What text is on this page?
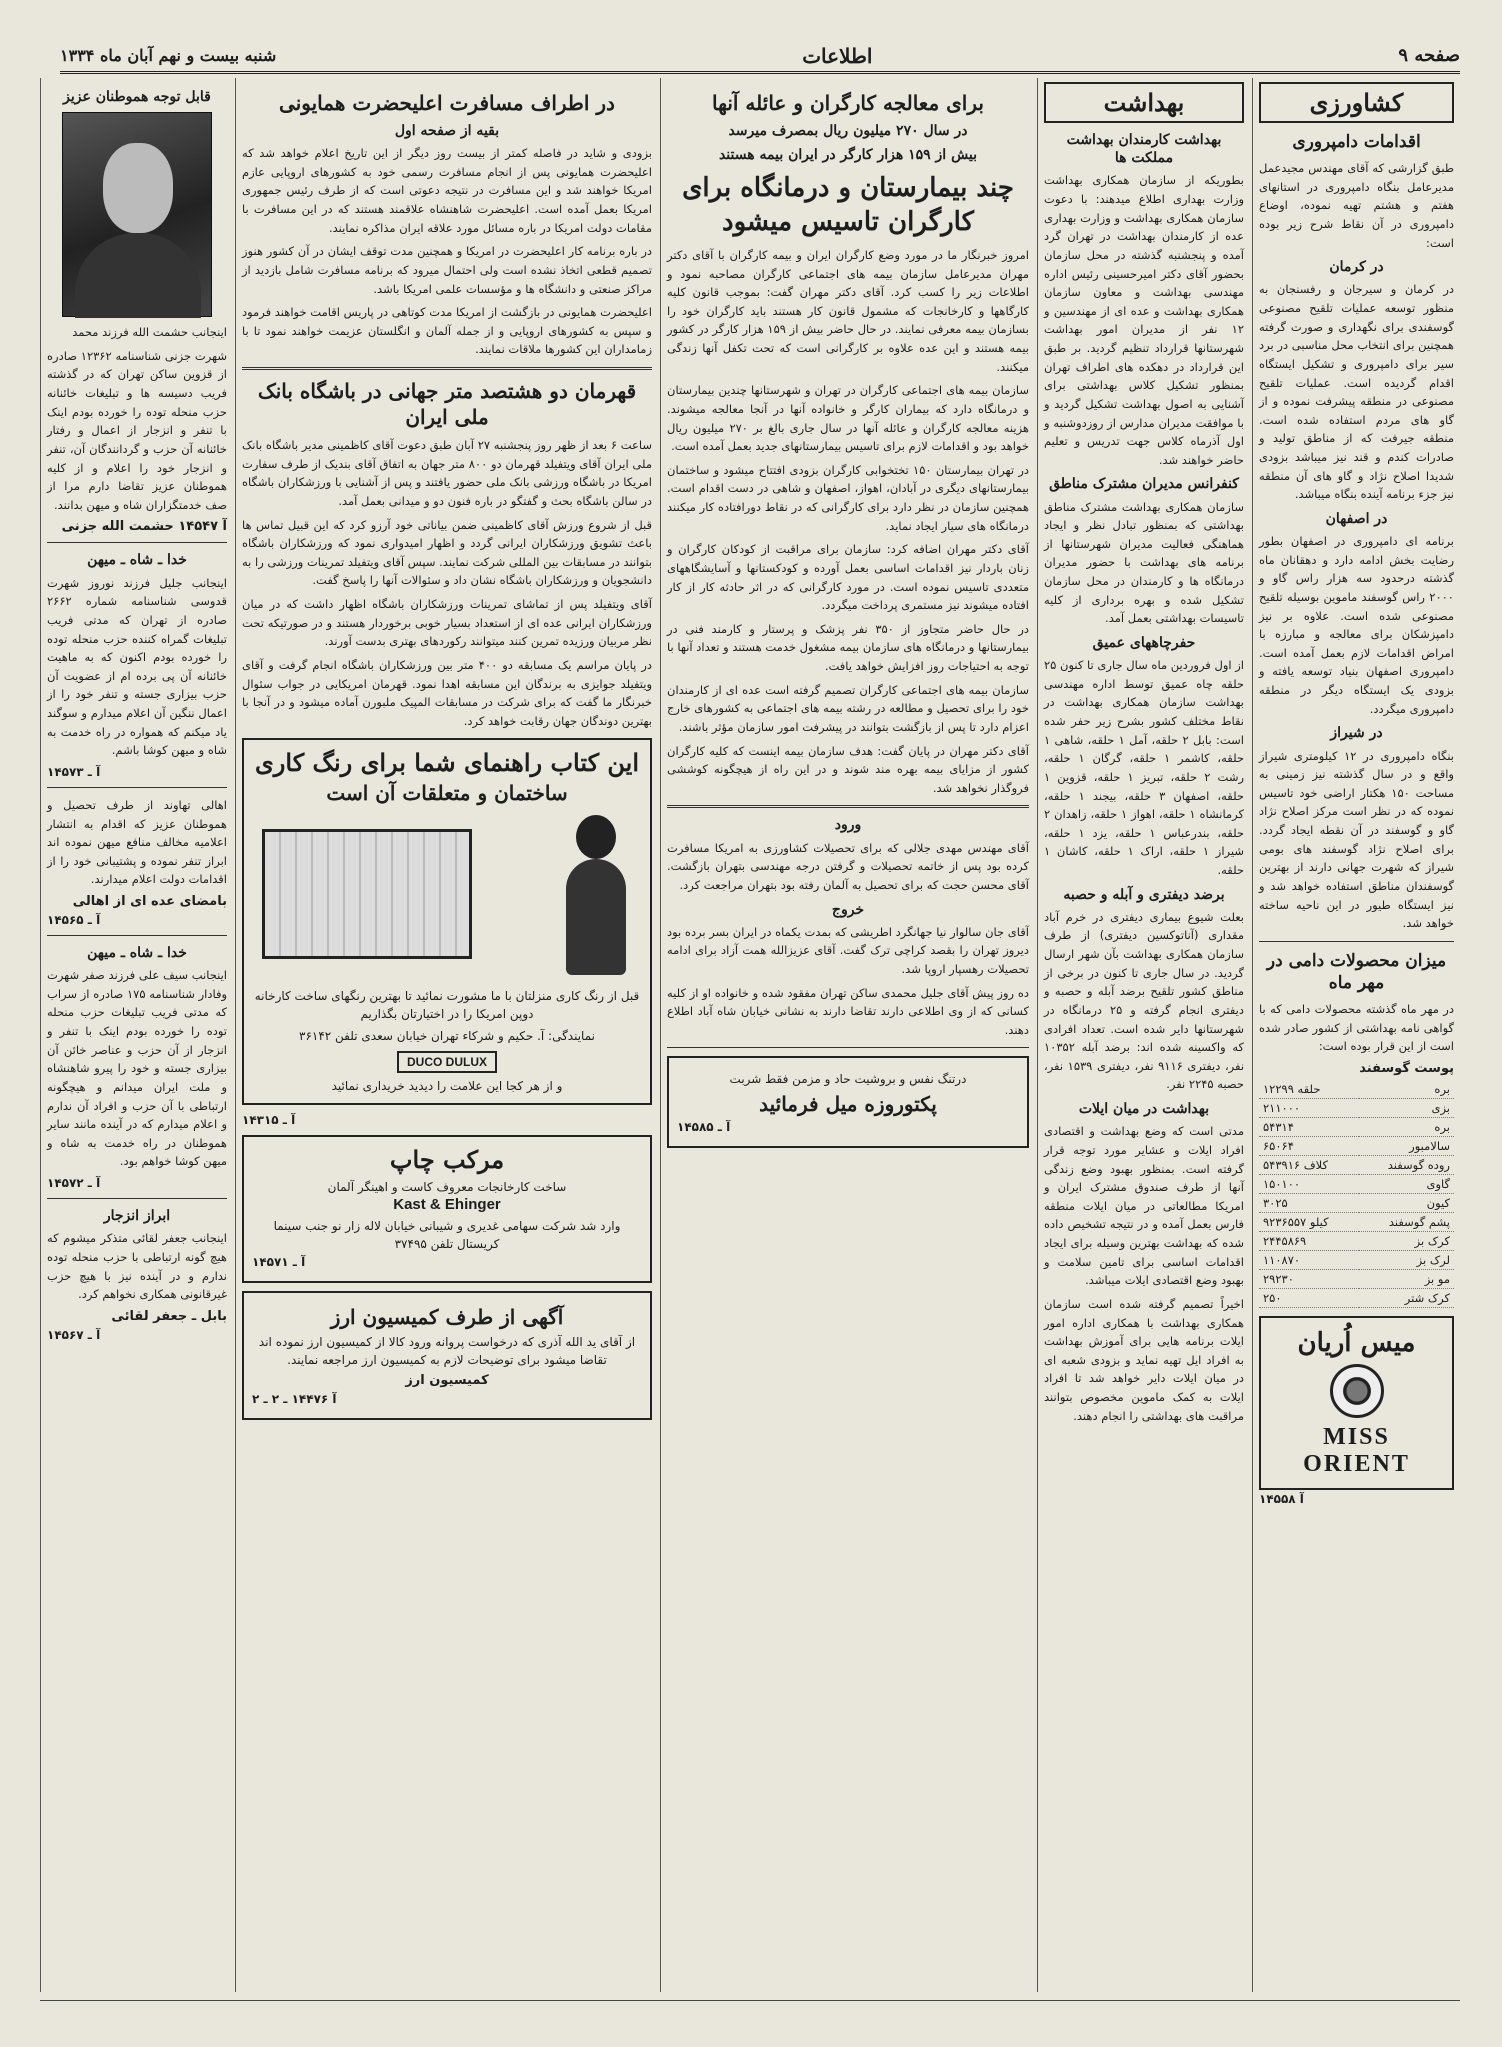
صفحه ۹
اطلاعات
شنبه بیست و نهم آبان ماه ۱۳۳۴
کشاورزی
اقدامات دامپروری

طبق گزارشی که آقای مهندس مجیدعمل مدیرعامل بنگاه دامپروری در استانهای هفتم و هشتم تهیه نموده، اوضاع دامپروری در آن نقاط شرح زیر بوده است:

در کرمان

در کرمان و سیرجان و رفسنجان به منظور توسعه عملیات تلقیح مصنوعی گوسفندی برای نگهداری و صورت گرفته همچنین برای انتخاب محل مناسبی در برد سیر برای دامپروری و تشکیل ایستگاه اقدام گردیده است. عملیات تلقیح مصنوعی در منطقه پیشرفت نموده و از گاو های مردم استفاده شده است. منطقه جیرفت که از مناطق تولید و صادرات کندم و قند نیز میباشد بزودی شدیدا اصلاح نژاد و گاو های آن منطقه نیز جزء برنامه آینده بنگاه میباشد.

در اصفهان

برنامه ای دامپروری در اصفهان بطور رضایت بخش ادامه دارد و دهقانان ماه گذشته درحدود سه هزار راس گاو و ۲۰۰۰ راس گوسفند ماموین بوسیله تلقیح مصنوعی شده است. علاوه بر نیز دامپزشکان برای معالجه و مبارزه با امراض اقدامات لازم بعمل آمده است. دامپروری اصفهان بنیاد توسعه یافته و بزودی یک ایستگاه دیگر در منطقه دامپروری میگردد.

در شیراز

بنگاه دامپروری در ۱۲ کیلومتری شیراز واقع و در سال گذشته نیز زمینی به مساحت ۱۵۰ هکتار اراضی خود تاسیس نموده که در نظر است مرکز اصلاح نژاد گاو و گوسفند در آن نقطه ایجاد گردد. برای اصلاح نژاد گوسفند های بومی شیراز که شهرت جهانی دارند از بهترین گوسفندان مناطق استفاده خواهد شد و نیز ایستگاه طیور در این ناحیه ساخته خواهد شد.

میزان محصولات دامی در مهر ماه

در مهر ماه گذشته محصولات دامی که با گواهی نامه بهداشتی از کشور صادر شده است از این قرار بوده است:

پوست گوسفند
بره	۱۲۲۹۹ حلقه
بزی	۲۱۱۰۰۰
بره	۵۴۳۱۴
سالامبور	۶۵۰۶۴
روده گوسفند	۵۴۳۹۱۶ کلاف
گاوی	۱۵۰۱۰۰
کیون	۳۰۲۵
پشم گوسفند	۹۲۳۶۵۵۷ کیلو
کرک بز	۲۴۴۵۸۶۹
لرک بز	۱۱۰۸۷۰
مو بز	۲۹۲۳۰
کرک شتر	۲۵۰
میس اُریان
MISS ORIENT
آ ۱۴۵۵۸
بهداشت
بهداشت کارمندان بهداشت مملکت ها

بطوریکه از سازمان همکاری بهداشت وزارت بهداری اطلاع میدهند: با دعوت سازمان همکاری بهداشت و وزارت بهداری عده از کارمندان بهداشت در تهران گرد آمده و پنجشنبه گذشته در محل سازمان بحضور آقای دکتر امیرحسینی رئیس اداره مهندسی بهداشت و معاون سازمان همکاری بهداشت و عده ای از مهندسین و ۱۲ نفر از مدیران امور بهداشت شهرستانها قرارداد تنظیم گردید. بر طبق این قرارداد در دهکده های اطراف تهران بمنظور تشکیل کلاس بهداشتی برای آشنایی به اصول بهداشت تشکیل گردید و با موافقت مدیران مدارس از روزدوشنبه و اول آذرماه کلاس جهت تدریس و تعلیم حاضر خواهند شد.

کنفرانس مدیران مشترک مناطق

سازمان همکاری بهداشت مشترک مناطق بهداشتی که بمنظور تبادل نظر و ایجاد هماهنگی فعالیت مدیران شهرستانها از برنامه های بهداشت با حضور مدیران درمانگاه ها و کارمندان در محل سازمان تشکیل شده و بهره برداری از کلیه تاسیسات بهداشتی بعمل آمد.

حفرچاههای عمیق

از اول فروردین ماه سال جاری تا کنون ۲۵ حلقه چاه عمیق توسط اداره مهندسی بهداشت سازمان همکاری بهداشت در نقاط مختلف کشور بشرح زیر حفر شده است: بابل ۲ حلقه، آمل ۱ حلقه، شاهی ۱ حلقه، کاشمر ۱ حلقه، گرگان ۱ حلقه، رشت ۲ حلقه، تبریز ۱ حلقه، قزوین ۱ حلقه، اصفهان ۳ حلقه، بیجند ۱ حلقه، کرمانشاه ۱ حلقه، اهواز ۱ حلقه، زاهدان ۲ حلقه، بندرعباس ۱ حلقه، یزد ۱ حلقه، شیراز ۱ حلقه، اراک ۱ حلقه، کاشان ۱ حلقه.

برضد دیفتری و آبله و حصبه

بعلت شیوع بیماری دیفتری در خرم آباد مقداری (آناتوکسین دیفتری) از طرف سازمان همکاری بهداشت بآن شهر ارسال گردید. در سال جاری تا کنون در برخی از مناطق کشور تلقیح برضد آبله و حصبه و دیفتری انجام گرفته و ۲۵ درمانگاه در شهرستانها دایر شده است. تعداد افرادی که واکسینه شده اند: برضد آبله ۱۰۳۵۲ نفر، دیفتری ۹۱۱۶ نفر، دیفتری ۱۵۳۹ نفر، حصبه ۲۲۴۵ نفر.

بهداشت در میان ایلات

مدتی است که وضع بهداشت و اقتصادی افراد ایلات و عشایر مورد توجه قرار گرفته است. بمنظور بهبود وضع زندگی آنها از طرف صندوق مشترک ایران و امریکا مطالعاتی در میان ایلات منطقه فارس بعمل آمده و در نتیجه تشخیص داده شده که بهداشت بهترین وسیله برای ایجاد اقدامات اساسی برای تامین سلامت و بهبود وضع اقتصادی ایلات میباشد.

اخیراً تصمیم گرفته شده است سازمان همکاری بهداشت با همکاری اداره امور ایلات برنامه هایی برای آموزش بهداشت به افراد ایل تهیه نماید و بزودی شعبه ای در میان ایلات دایر خواهد شد تا افراد ایلات به کمک ماموین مخصوص بتوانند مراقبت های بهداشتی را انجام دهند.

برای معالجه کارگران و عائله آنها
در سال ۲۷۰ میلیون ریال بمصرف میرسد
بیش از ۱۵۹ هزار کارگر در ایران بیمه هستند
چند بیمارستان و درمانگاه برای کارگران تاسیس میشود

امروز خبرنگار ما در مورد وضع کارگران ایران و بیمه کارگران با آقای دکتر مهران مدیرعامل سازمان بیمه های اجتماعی کارگران مصاحبه نمود و اطلاعات زیر را کسب کرد. آقای دکتر مهران گفت: بموجب قانون کلیه کارگاهها و کارخانجات که مشمول قانون کار هستند باید کارگران خود را بسازمان بیمه معرفی نمایند. در حال حاضر بیش از ۱۵۹ هزار کارگر در کشور بیمه هستند و این عده علاوه بر کارگرانی است که تحت تکفل آنها زندگی میکنند.

سازمان بیمه های اجتماعی کارگران در تهران و شهرستانها چندین بیمارستان و درمانگاه دارد که بیماران کارگر و خانواده آنها در آنجا معالجه میشوند. هزینه معالجه کارگران و عائله آنها در سال جاری بالغ بر ۲۷۰ میلیون ریال خواهد بود و اقدامات لازم برای تاسیس بیمارستانهای جدید بعمل آمده است.

در تهران بیمارستان ۱۵۰ تختخوابی کارگران بزودی افتتاح میشود و ساختمان بیمارستانهای دیگری در آبادان، اهواز، اصفهان و شاهی در دست اقدام است. همچنین سازمان در نظر دارد برای کارگرانی که در نقاط دورافتاده کار میکنند درمانگاه های سیار ایجاد نماید.

آقای دکتر مهران اضافه کرد: سازمان برای مراقبت از کودکان کارگران و زنان باردار نیز اقدامات اساسی بعمل آورده و کودکستانها و آسایشگاههای متعددی تاسیس نموده است. در مورد کارگرانی که در اثر حادثه کار از کار افتاده میشوند نیز مستمری پرداخت میگردد.

در حال حاضر متجاوز از ۳۵۰ نفر پزشک و پرستار و کارمند فنی در بیمارستانها و درمانگاه های سازمان بیمه مشغول خدمت هستند و تعداد آنها با توجه به احتیاجات روز افزایش خواهد یافت.

سازمان بیمه های اجتماعی کارگران تصمیم گرفته است عده ای از کارمندان خود را برای تحصیل و مطالعه در رشته بیمه های اجتماعی به کشورهای خارج اعزام دارد تا پس از بازگشت بتوانند در پیشرفت امور سازمان مؤثر باشند.

آقای دکتر مهران در پایان گفت: هدف سازمان بیمه اینست که کلیه کارگران کشور از مزایای بیمه بهره مند شوند و در این راه از هیچگونه کوششی فروگذار نخواهد شد.

ورود

آقای مهندس مهدی جلالی که برای تحصیلات کشاورزی به امریکا مسافرت کرده بود پس از خاتمه تحصیلات و گرفتن درجه مهندسی بتهران بازگشت. آقای محسن حجت که برای تحصیل به آلمان رفته بود بتهران مراجعت کرد.

خروج

آقای جان سالوار نیا جهانگرد اطریشی که بمدت یکماه در ایران بسر برده بود دیروز تهران را بقصد کراچی ترک گفت. آقای عزیزالله همت آزاد برای ادامه تحصیلات رهسپار اروپا شد.

ده روز پیش آقای جلیل محمدی ساکن تهران مفقود شده و خانواده او از کلیه کسانی که از وی اطلاعی دارند تقاضا دارند به نشانی خیابان شاه آباد اطلاع دهند.

درتنگ نفس و بروشیت حاد و مزمن فقط شربت
پکتوروزه میل فرمائید
آ ـ ۱۴۵۸۵
در اطراف مسافرت اعلیحضرت همایونی
بقیه از صفحه اول

بزودی و شاید در فاصله کمتر از بیست روز دیگر از این تاریخ اعلام خواهد شد که اعلیحضرت همایونی پس از انجام مسافرت رسمی خود به کشورهای اروپایی عازم امریکا خواهند شد و این مسافرت در نتیجه دعوتی است که از طرف رئیس جمهوری امریکا بعمل آمده است. اعلیحضرت شاهنشاه علاقمند هستند که در این مسافرت با مقامات دولت امریکا در باره مسائل مورد علاقه ایران مذاکره نمایند.

در باره برنامه کار اعلیحضرت در امریکا و همچنین مدت توقف ایشان در آن کشور هنوز تصمیم قطعی اتخاذ نشده است ولی احتمال میرود که برنامه مسافرت شامل بازدید از مراکز صنعتی و دانشگاه ها و مؤسسات علمی امریکا باشد.

اعلیحضرت همایونی در بازگشت از امریکا مدت کوتاهی در پاریس اقامت خواهند فرمود و سپس به کشورهای اروپایی و از جمله آلمان و انگلستان عزیمت خواهند نمود تا با زمامداران این کشورها ملاقات نمایند.

قهرمان دو هشتصد متر جهانی در باشگاه بانک ملی ایران

ساعت ۶ بعد از ظهر روز پنجشنبه ۲۷ آبان طبق دعوت آقای کاظمینی مدیر باشگاه بانک ملی ایران آقای ویتفیلد قهرمان دو ۸۰۰ متر جهان به اتفاق آقای بندیک از طرف سفارت امریکا در باشگاه ورزشی بانک ملی حضور یافتند و پس از آشنایی با ورزشکاران باشگاه در سالن باشگاه بحث و گفتگو در باره فنون دو و میدانی بعمل آمد.

قبل از شروع ورزش آقای کاظمینی ضمن بیاناتی خود آرزو کرد که این قبیل تماس ها باعث تشویق ورزشکاران ایرانی گردد و اظهار امیدواری نمود که ورزشکاران باشگاه بتوانند در مسابقات بین المللی شرکت نمایند. سپس آقای ویتفیلد تمرینات ورزشی را به دانشجویان و ورزشکاران باشگاه نشان داد و سئوالات آنها را پاسخ گفت.

آقای ویتفیلد پس از تماشای تمرینات ورزشکاران باشگاه اظهار داشت که در میان ورزشکاران ایرانی عده ای از استعداد بسیار خوبی برخوردار هستند و در صورتیکه تحت نظر مربیان ورزیده تمرین کنند میتوانند رکوردهای بهتری بدست آورند.

در پایان مراسم یک مسابقه دو ۴۰۰ متر بین ورزشکاران باشگاه انجام گرفت و آقای ویتفیلد جوایزی به برندگان این مسابقه اهدا نمود. قهرمان امریکایی در جواب سئوال خبرنگار ما گفت که برای شرکت در مسابقات المپیک ملبورن آماده میشود و در آنجا با بهترین دوندگان جهان رقابت خواهد کرد.

این کتاب راهنمای شما برای رنگ کاری
ساختمان و متعلقات آن است
قبل از رنگ کاری منزلتان با ما مشورت نمائید تا بهترین رنگهای ساخت کارخانه دوپن امریکا را در اختیارتان بگذاریم
نمایندگی: آ. حکیم و شرکاء تهران خیابان سعدی تلفن ۳۶۱۴۲
DUCO DULUX
و از هر کجا این علامت را دیدید خریداری نمائید
آ ـ ۱۴۳۱۵
مرکب چاپ
ساخت کارخانجات معروف کاست و اهینگر آلمان
Kast & Ehinger
وارد شد شرکت سهامی غدیری و شیبانی خیابان لاله زار نو جنب سینما کریستال تلفن ۳۷۴۹۵
آ ـ ۱۴۵۷۱
آگهی از طرف کمیسیون ارز
از آقای ید الله آذری که درخواست پروانه ورود کالا از کمیسیون ارز نموده اند تقاضا میشود برای توضیحات لازم به کمیسیون ارز مراجعه نمایند.
کمیسیون ارز
آ ۱۴۴۷۶ ـ ۲ ـ ۲
قابل توجه هموطنان عزیز

اینجانب حشمت الله فرزند محمد

شهرت جزنی شناسنامه ۱۲۳۶۲ صادره از قزوین ساکن تهران که در گذشته فریب دسیسه ها و تبلیغات خائنانه حزب منحله توده را خورده بودم اینک با تنفر و انزجار از اعمال و رفتار خائنانه آن حزب و گردانندگان آن، تنفر و انزجار خود را اعلام و از کلیه هموطنان عزیز تقاضا دارم مرا از صف خدمتگزاران شاه و میهن بدانند.

آ ۱۴۵۴۷ حشمت الله جزنی
خدا ـ شاه ـ میهن

اینجانب جلیل فرزند نوروز شهرت قدوسی شناسنامه شماره ۲۶۶۲ صادره از تهران که مدتی فریب تبلیغات گمراه کننده حزب منحله توده را خورده بودم اکنون که به ماهیت خائنانه آن پی برده ام از عضویت آن حزب بیزاری جسته و تنفر خود را از اعمال ننگین آن اعلام میدارم و سوگند یاد میکنم که همواره در راه خدمت به شاه و میهن کوشا باشم.

آ ـ ۱۴۵۷۳

اهالی تهاوند از طرف تحصیل و هموطنان عزیز که اقدام به انتشار اعلامیه مخالف منافع میهن نموده اند ابراز تنفر نموده و پشتیبانی خود را از اقدامات دولت اعلام میدارند.

بامضای عده ای از اهالی
آ ـ ۱۴۵۶۵
خدا ـ شاه ـ میهن

اینجانب سیف علی فرزند صفر شهرت وفادار شناسنامه ۱۷۵ صادره از سراب که مدتی فریب تبلیغات حزب منحله توده را خورده بودم اینک با تنفر و انزجار از آن حزب و عناصر خائن آن بیزاری جسته و خود را پیرو شاهنشاه و ملت ایران میدانم و هیچگونه ارتباطی با آن حزب و افراد آن ندارم و اعلام میدارم که در آینده مانند سایر هموطنان در راه خدمت به شاه و میهن کوشا خواهم بود.

آ ـ ۱۴۵۷۲
ابراز انزجار

اینجانب جعفر لقائی متذکر میشوم که هیچ گونه ارتباطی با حزب منحله توده ندارم و در آینده نیز با هیچ حزب غیرقانونی همکاری نخواهم کرد.

بابل ـ جعفر لقائی
آ ـ ۱۴۵۶۷
